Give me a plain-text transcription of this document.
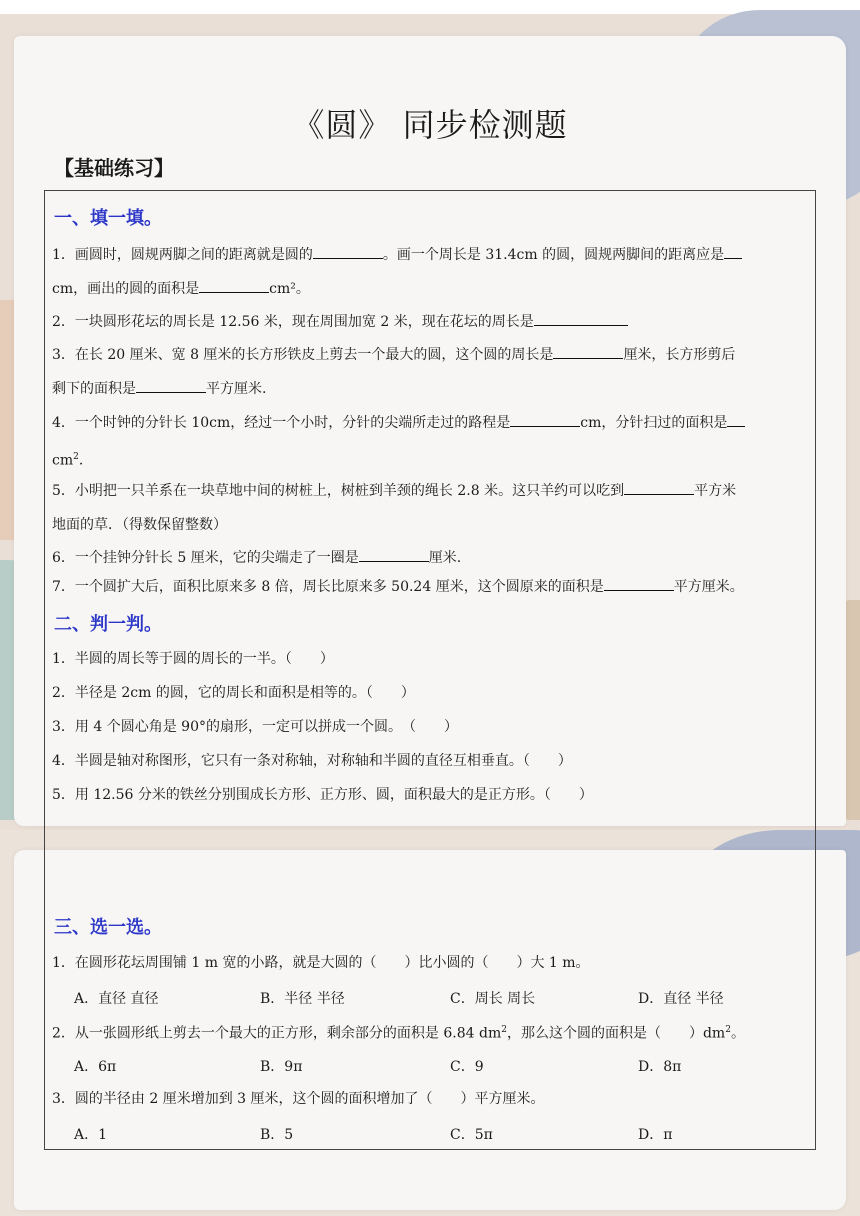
《圆》 同步检测题
【基础练习】
一、填一填。
1．画圆时，圆规两脚之间的距离就是圆的	。画一个周长是 31.4cm 的圆，圆规两脚间的距离应是
cm，画出的圆的面积是	cm²。
2．一块圆形花坛的周长是 12.56 米，现在周围加宽 2 米，现在花坛的周长是
3．在长 20 厘米、宽 8 厘米的长方形铁皮上剪去一个最大的圆，这个圆的周长是	厘米，长方形剪后
剩下的面积是	平方厘米.
4．一个时钟的分针长 10cm，经过一个小时，分针的尖端所走过的路程是	cm，分针扫过的面积是
$cm^2$.
5．小明把一只羊系在一块草地中间的树桩上，树桩到羊颈的绳长 2.8 米。这只羊约可以吃到	平方米
地面的草．（得数保留整数）
6．一个挂钟分针长 5 厘米，它的尖端走了一圈是	厘米.
7．一个圆扩大后，面积比原来多 8 倍，周长比原来多 50.24 厘米，这个圆原来的面积是	平方厘米。
二、判一判。
1．半圆的周长等于圆的周长的一半。（　　）
2．半径是 2cm 的圆，它的周长和面积是相等的。（　　）
3．用 4 个圆心角是 90°的扇形，一定可以拼成一个圆。　（　　）
4．半圆是轴对称图形，它只有一条对称轴，对称轴和半圆的直径互相垂直。（　　）
5．用 12.56 分米的铁丝分别围成长方形、正方形、圆，面积最大的是正方形。（　　）
三、选一选。
1．在圆形花坛周围铺 1 m 宽的小路，就是大圆的（　　）比小圆的（　　）大 1 m。
A．直径 直径	B．半径 半径	C．周长 周长	D．直径 半径
2．从一张圆形纸上剪去一个最大的正方形，剩余部分的面积是 6.84 $dm^2$，那么这个圆的面积是（　　）$dm^2$。
A．6π	B．9π	C．9	D．8π
3．圆的半径由 2 厘米增加到 3 厘米，这个圆的面积增加了（　　）平方厘米。
A．1	B．5	C．5π	D．π
